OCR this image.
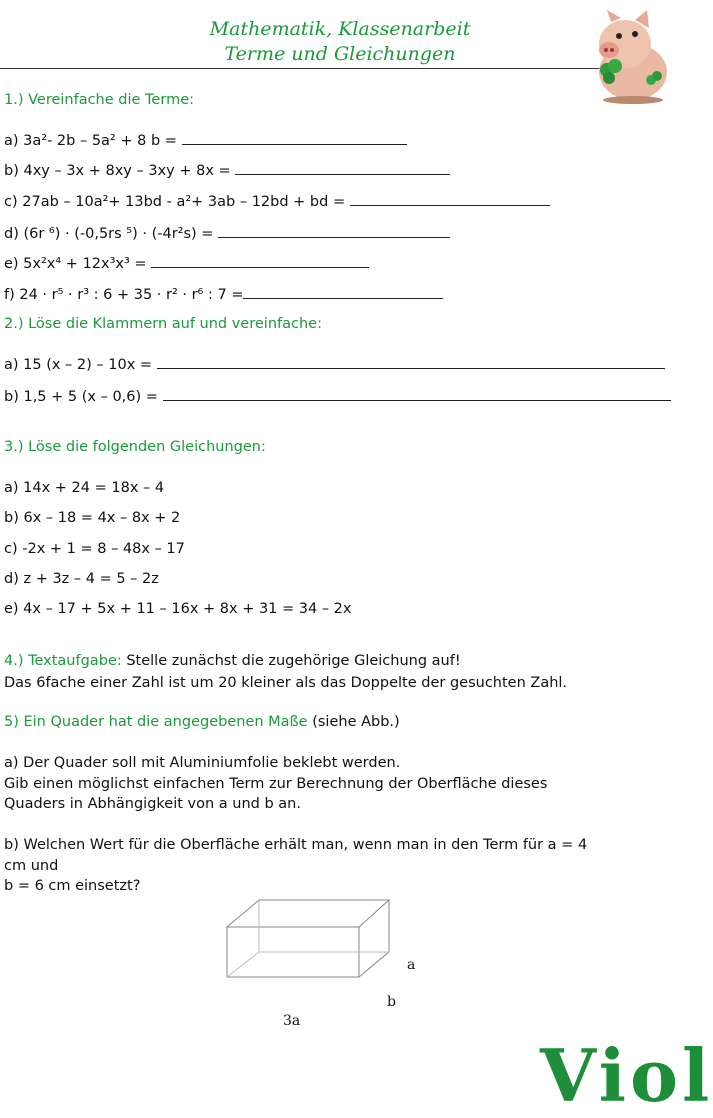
Mathematik, Klassenarbeit
Terme und Gleichungen
1.) Vereinfache die Terme:
a) 3a²- 2b – 5a² + 8 b =
b) 4xy – 3x + 8xy – 3xy + 8x =
c) 27ab – 10a²+ 13bd - a²+ 3ab – 12bd + bd =
d) (6r ⁶) · (-0,5rs ⁵) · (-4r²s) =
e) 5x²x⁴ + 12x³x³ =
f) 24 · r⁵ · r³ : 6 + 35 · r² · r⁶ : 7 =
2.) Löse die Klammern auf und vereinfache:
a) 15 (x – 2) – 10x =
b) 1,5 + 5 (x – 0,6) =
3.) Löse die folgenden Gleichungen:
a) 14x + 24 = 18x – 4
b) 6x – 18 = 4x – 8x + 2
c) -2x + 1 = 8 – 48x – 17
d) z + 3z – 4 = 5 – 2z
e) 4x – 17 + 5x + 11 – 16x + 8x + 31 = 34 – 2x
4.) Textaufgabe: Stelle zunächst die zugehörige Gleichung auf!
Das 6fache einer Zahl ist um 20 kleiner als das Doppelte der gesuchten Zahl.
5) Ein Quader hat die angegebenen Maße (siehe Abb.)
a) Der Quader soll mit Aluminiumfolie beklebt werden.
Gib einen möglichst einfachen Term zur Berechnung der Oberfläche dieses
Quaders in Abhängigkeit von a und b an.
b) Welchen Wert für die Oberfläche erhält man, wenn man in den Term für a = 4
cm und
b = 6 cm einsetzt?
a
b
3a
Viol
